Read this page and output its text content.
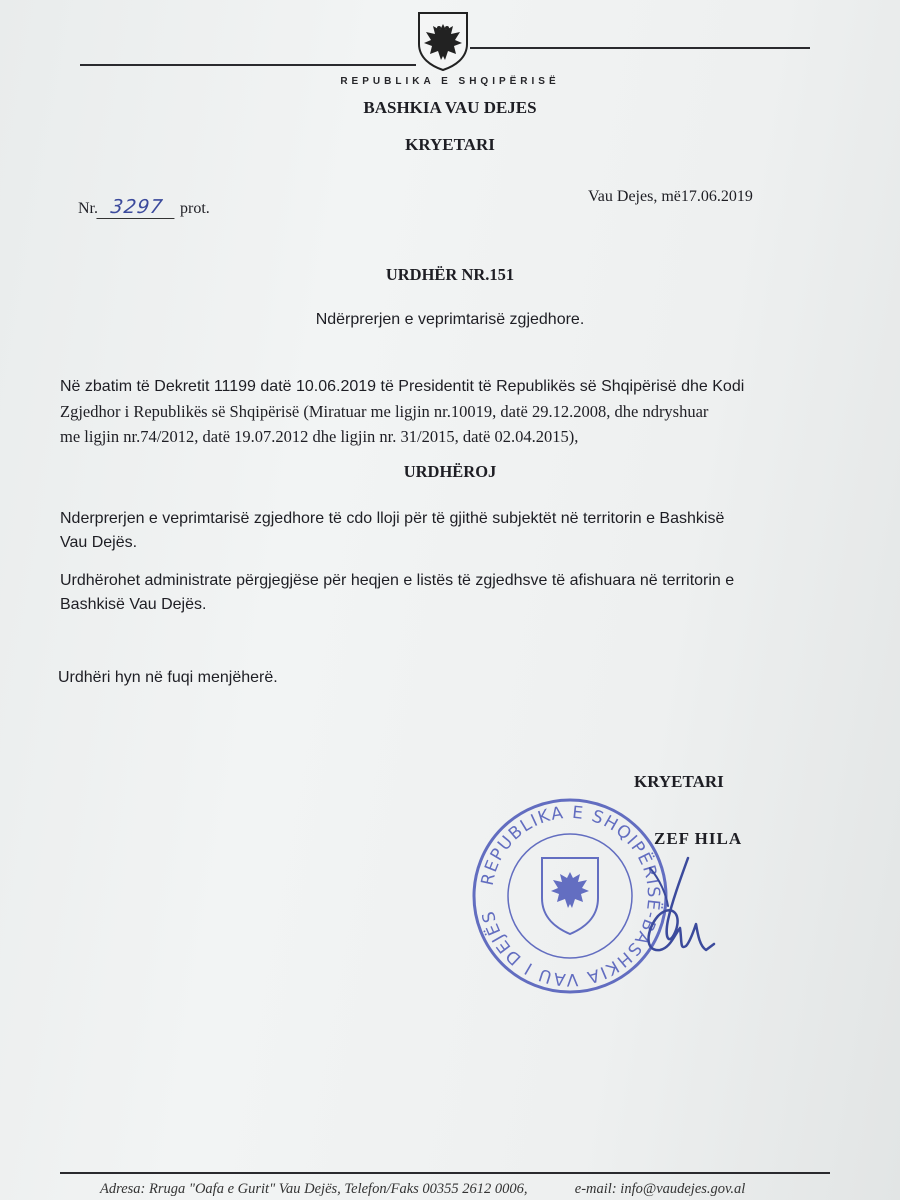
REPUBLIKA E SHQIPËRISË
BASHKIA VAU DEJES
KRYETARI
Nr. 3297 prot.
Vau Dejes, më17.06.2019
URDHËR NR.151
Ndërprerjen e veprimtarisë zgjedhore.
Në zbatim të Dekretit 11199 datë 10.06.2019 të Presidentit të Republikës së Shqipërisë dhe Kodi
Zgjedhor i Republikës së Shqipërisë (Miratuar me ligjin nr.10019, datë 29.12.2008, dhe ndryshuar
me ligjin nr.74/2012, datë 19.07.2012 dhe ligjin nr. 31/2015, datë 02.04.2015),
URDHËROJ
Nderprerjen e veprimtarisë zgjedhore të cdo lloji për të gjithë subjektët në territorin e Bashkisë
Vau Dejës.
Urdhërohet administrate përgjegjëse për heqjen e listës të zgjedhsve të afishuara në territorin e
Bashkisë Vau Dejës.
Urdhëri hyn në fuqi menjëherë.
KRYETARI
ZEF HILA
REPUBLIKA E SHQIPËRISË-BASHKIA VAU I DEJËS
Adresa: Rruga "Oafa e Gurit" Vau Dejës, Telefon/Faks 00355 2612 0006,	e-mail: info@vaudejes.gov.al
